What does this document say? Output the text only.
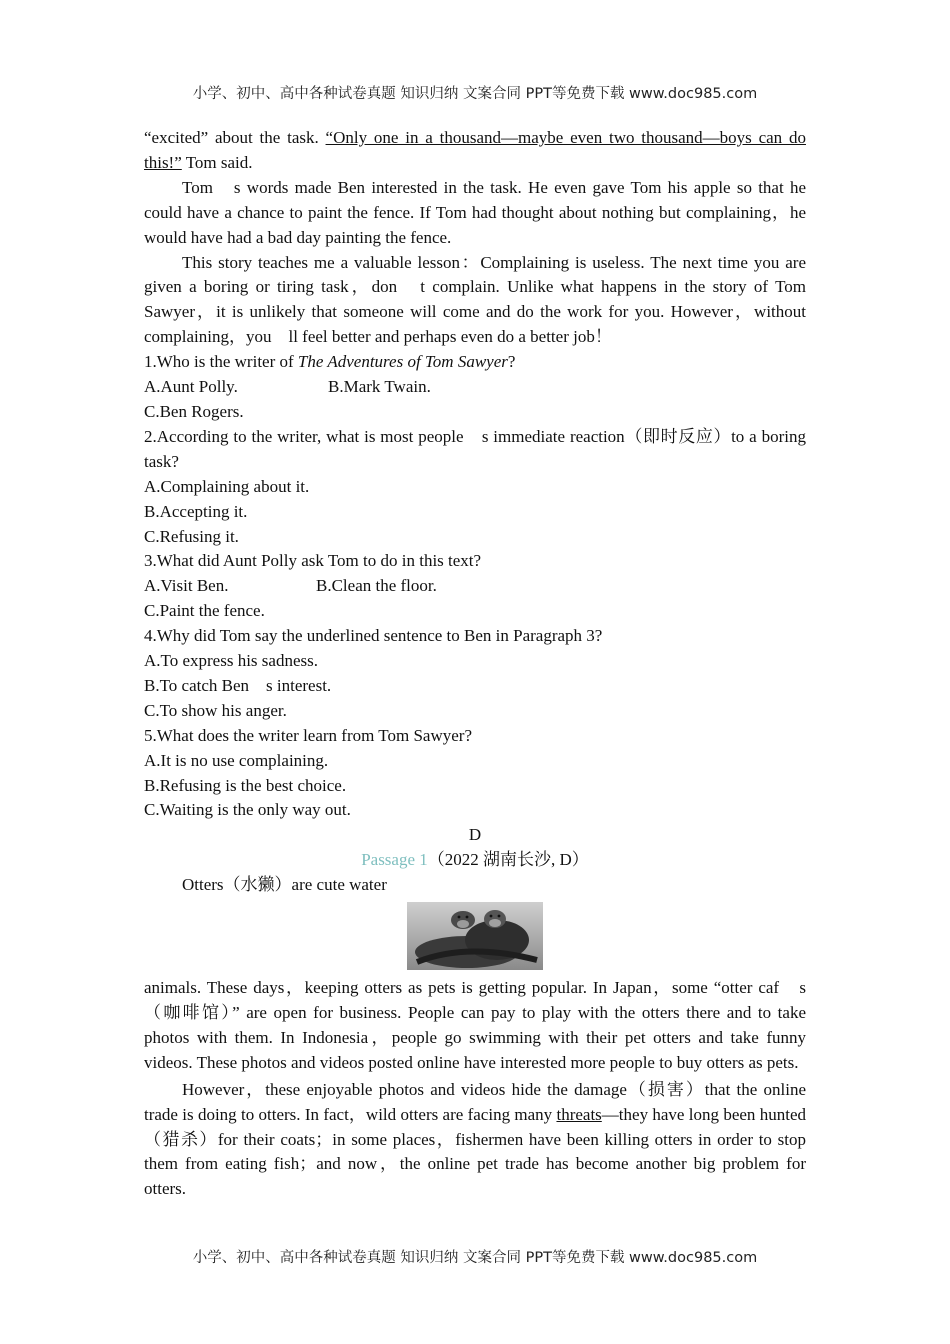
小学、初中、高中各种试卷真题 知识归纳 文案合同 PPT等免费下载 www.doc985.com

“excited” about the task. “Only one in a thousand—maybe even two thousand—boys can do this!” Tom said.

Tom　s words made Ben interested in the task. He even gave Tom his apple so that he could have a chance to paint the fence. If Tom had thought about nothing but complaining，he would have had a bad day painting the fence.

This story teaches me a valuable lesson：Complaining is useless. The next time you are given a boring or tiring task，don　t complain. Unlike what happens in the story of Tom Sawyer，it is unlikely that someone will come and do the work for you. However，without complaining，you　ll feel better and perhaps even do a better job！

1.Who is the writer of The Adventures of Tom Sawyer?

A.Aunt Polly.	B.Mark Twain.

C.Ben Rogers.

2.According to the writer, what is most people　s immediate reaction（即时反应）to a boring task?

A.Complaining about it.

B.Accepting it.

C.Refusing it.

3.What did Aunt Polly ask Tom to do in this text?

A.Visit Ben.	B.Clean the floor.

C.Paint the fence.

4.Why did Tom say the underlined sentence to Ben in Paragraph 3?

A.To express his sadness.

B.To catch Ben　s interest.

C.To show his anger.

5.What does the writer learn from Tom Sawyer?

A.It is no use complaining.

B.Refusing is the best choice.

C.Waiting is the only way out.

D

Passage 1（2022 湖南长沙, D）

Otters（水獭）are cute water

animals. These days，keeping otters as pets is getting popular. In Japan，some “otter caf　s（咖啡馆）” are open for business. People can pay to play with the otters there and to take photos with them. In Indonesia，people go swimming with their pet otters and take funny videos. These photos and videos posted online have interested more people to buy otters as pets.

However，these enjoyable photos and videos hide the damage（损害）that the online trade is doing to otters. In fact，wild otters are facing many threats—they have long been hunted（猎杀）for their coats；in some places，fishermen have been killing otters in order to stop them from eating fish；and now，the online pet trade has become another big problem for otters.

小学、初中、高中各种试卷真题 知识归纳 文案合同 PPT等免费下载 www.doc985.com
